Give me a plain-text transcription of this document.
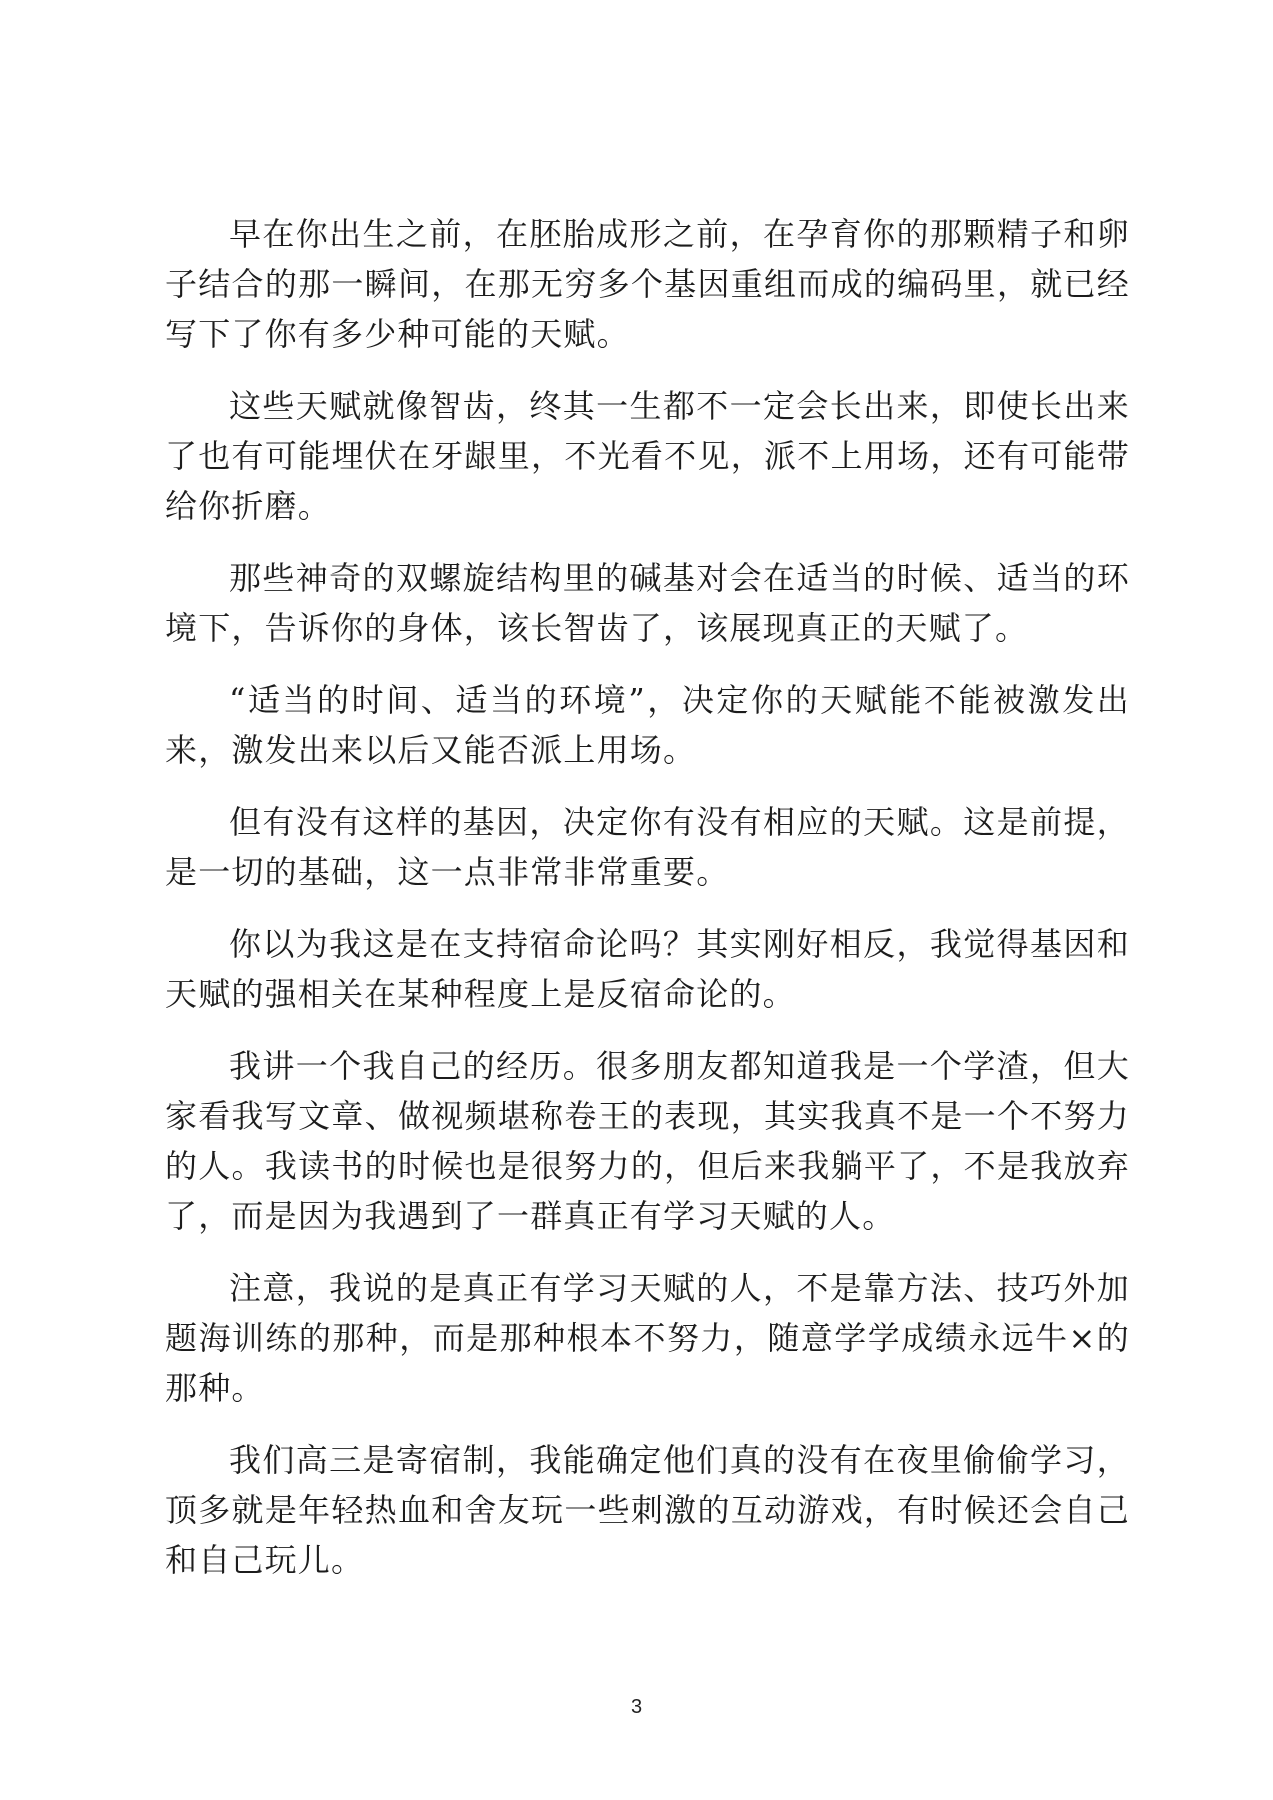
早在你出生之前，在胚胎成形之前，在孕育你的那颗精子和卵子结合的那一瞬间，在那无穷多个基因重组而成的编码里，就已经写下了你有多少种可能的天赋。

这些天赋就像智齿，终其一生都不一定会长出来，即使长出来了也有可能埋伏在牙龈里，不光看不见，派不上用场，还有可能带给你折磨。

那些神奇的双螺旋结构里的碱基对会在适当的时候、适当的环境下，告诉你的身体，该长智齿了，该展现真正的天赋了。

“适当的时间、适当的环境”，决定你的天赋能不能被激发出来，激发出来以后又能否派上用场。

但有没有这样的基因，决定你有没有相应的天赋。这是前提，是一切的基础，这一点非常非常重要。

你以为我这是在支持宿命论吗？其实刚好相反，我觉得基因和天赋的强相关在某种程度上是反宿命论的。

我讲一个我自己的经历。很多朋友都知道我是一个学渣，但大家看我写文章、做视频堪称卷王的表现，其实我真不是一个不努力的人。我读书的时候也是很努力的，但后来我躺平了，不是我放弃了，而是因为我遇到了一群真正有学习天赋的人。

注意，我说的是真正有学习天赋的人，不是靠方法、技巧外加题海训练的那种，而是那种根本不努力，随意学学成绩永远牛×的那种。

我们高三是寄宿制，我能确定他们真的没有在夜里偷偷学习，顶多就是年轻热血和舍友玩一些刺激的互动游戏，有时候还会自己和自己玩儿。

3
